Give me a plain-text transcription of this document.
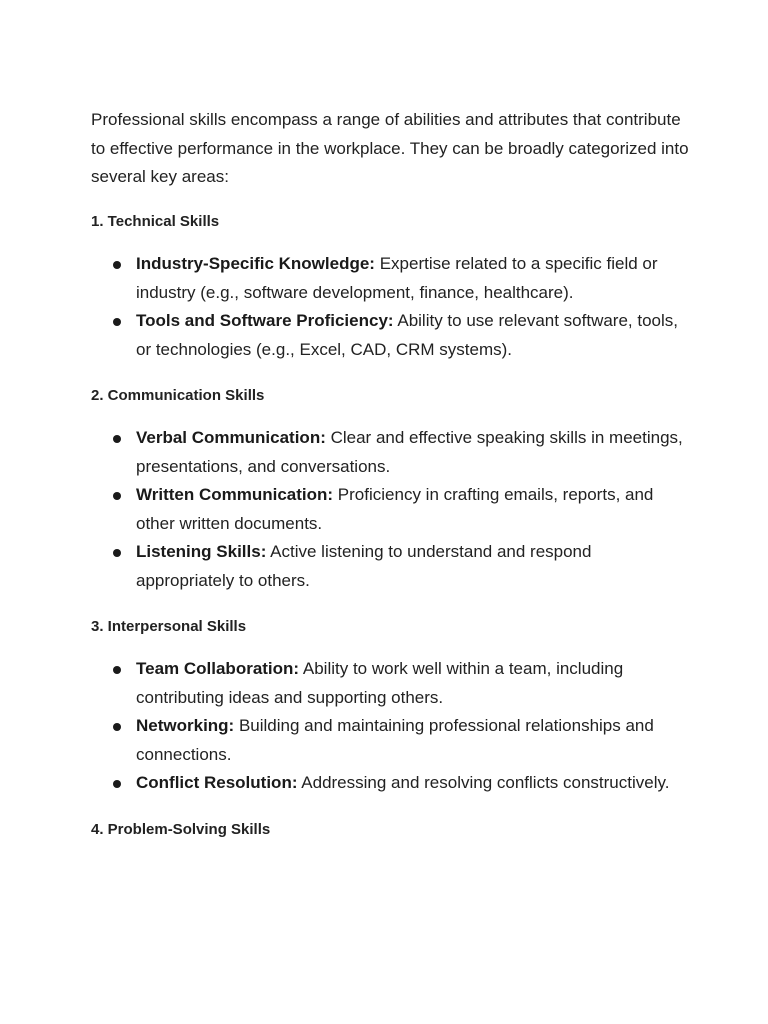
Professional skills encompass a range of abilities and attributes that contribute to effective performance in the workplace. They can be broadly categorized into several key areas:

1. Technical Skills
Industry-Specific Knowledge: Expertise related to a specific field or industry (e.g., software development, finance, healthcare).
Tools and Software Proficiency: Ability to use relevant software, tools, or technologies (e.g., Excel, CAD, CRM systems).
2. Communication Skills
Verbal Communication: Clear and effective speaking skills in meetings, presentations, and conversations.
Written Communication: Proficiency in crafting emails, reports, and other written documents.
Listening Skills: Active listening to understand and respond appropriately to others.
3. Interpersonal Skills
Team Collaboration: Ability to work well within a team, including contributing ideas and supporting others.
Networking: Building and maintaining professional relationships and connections.
Conflict Resolution: Addressing and resolving conflicts constructively.
4. Problem-Solving Skills
